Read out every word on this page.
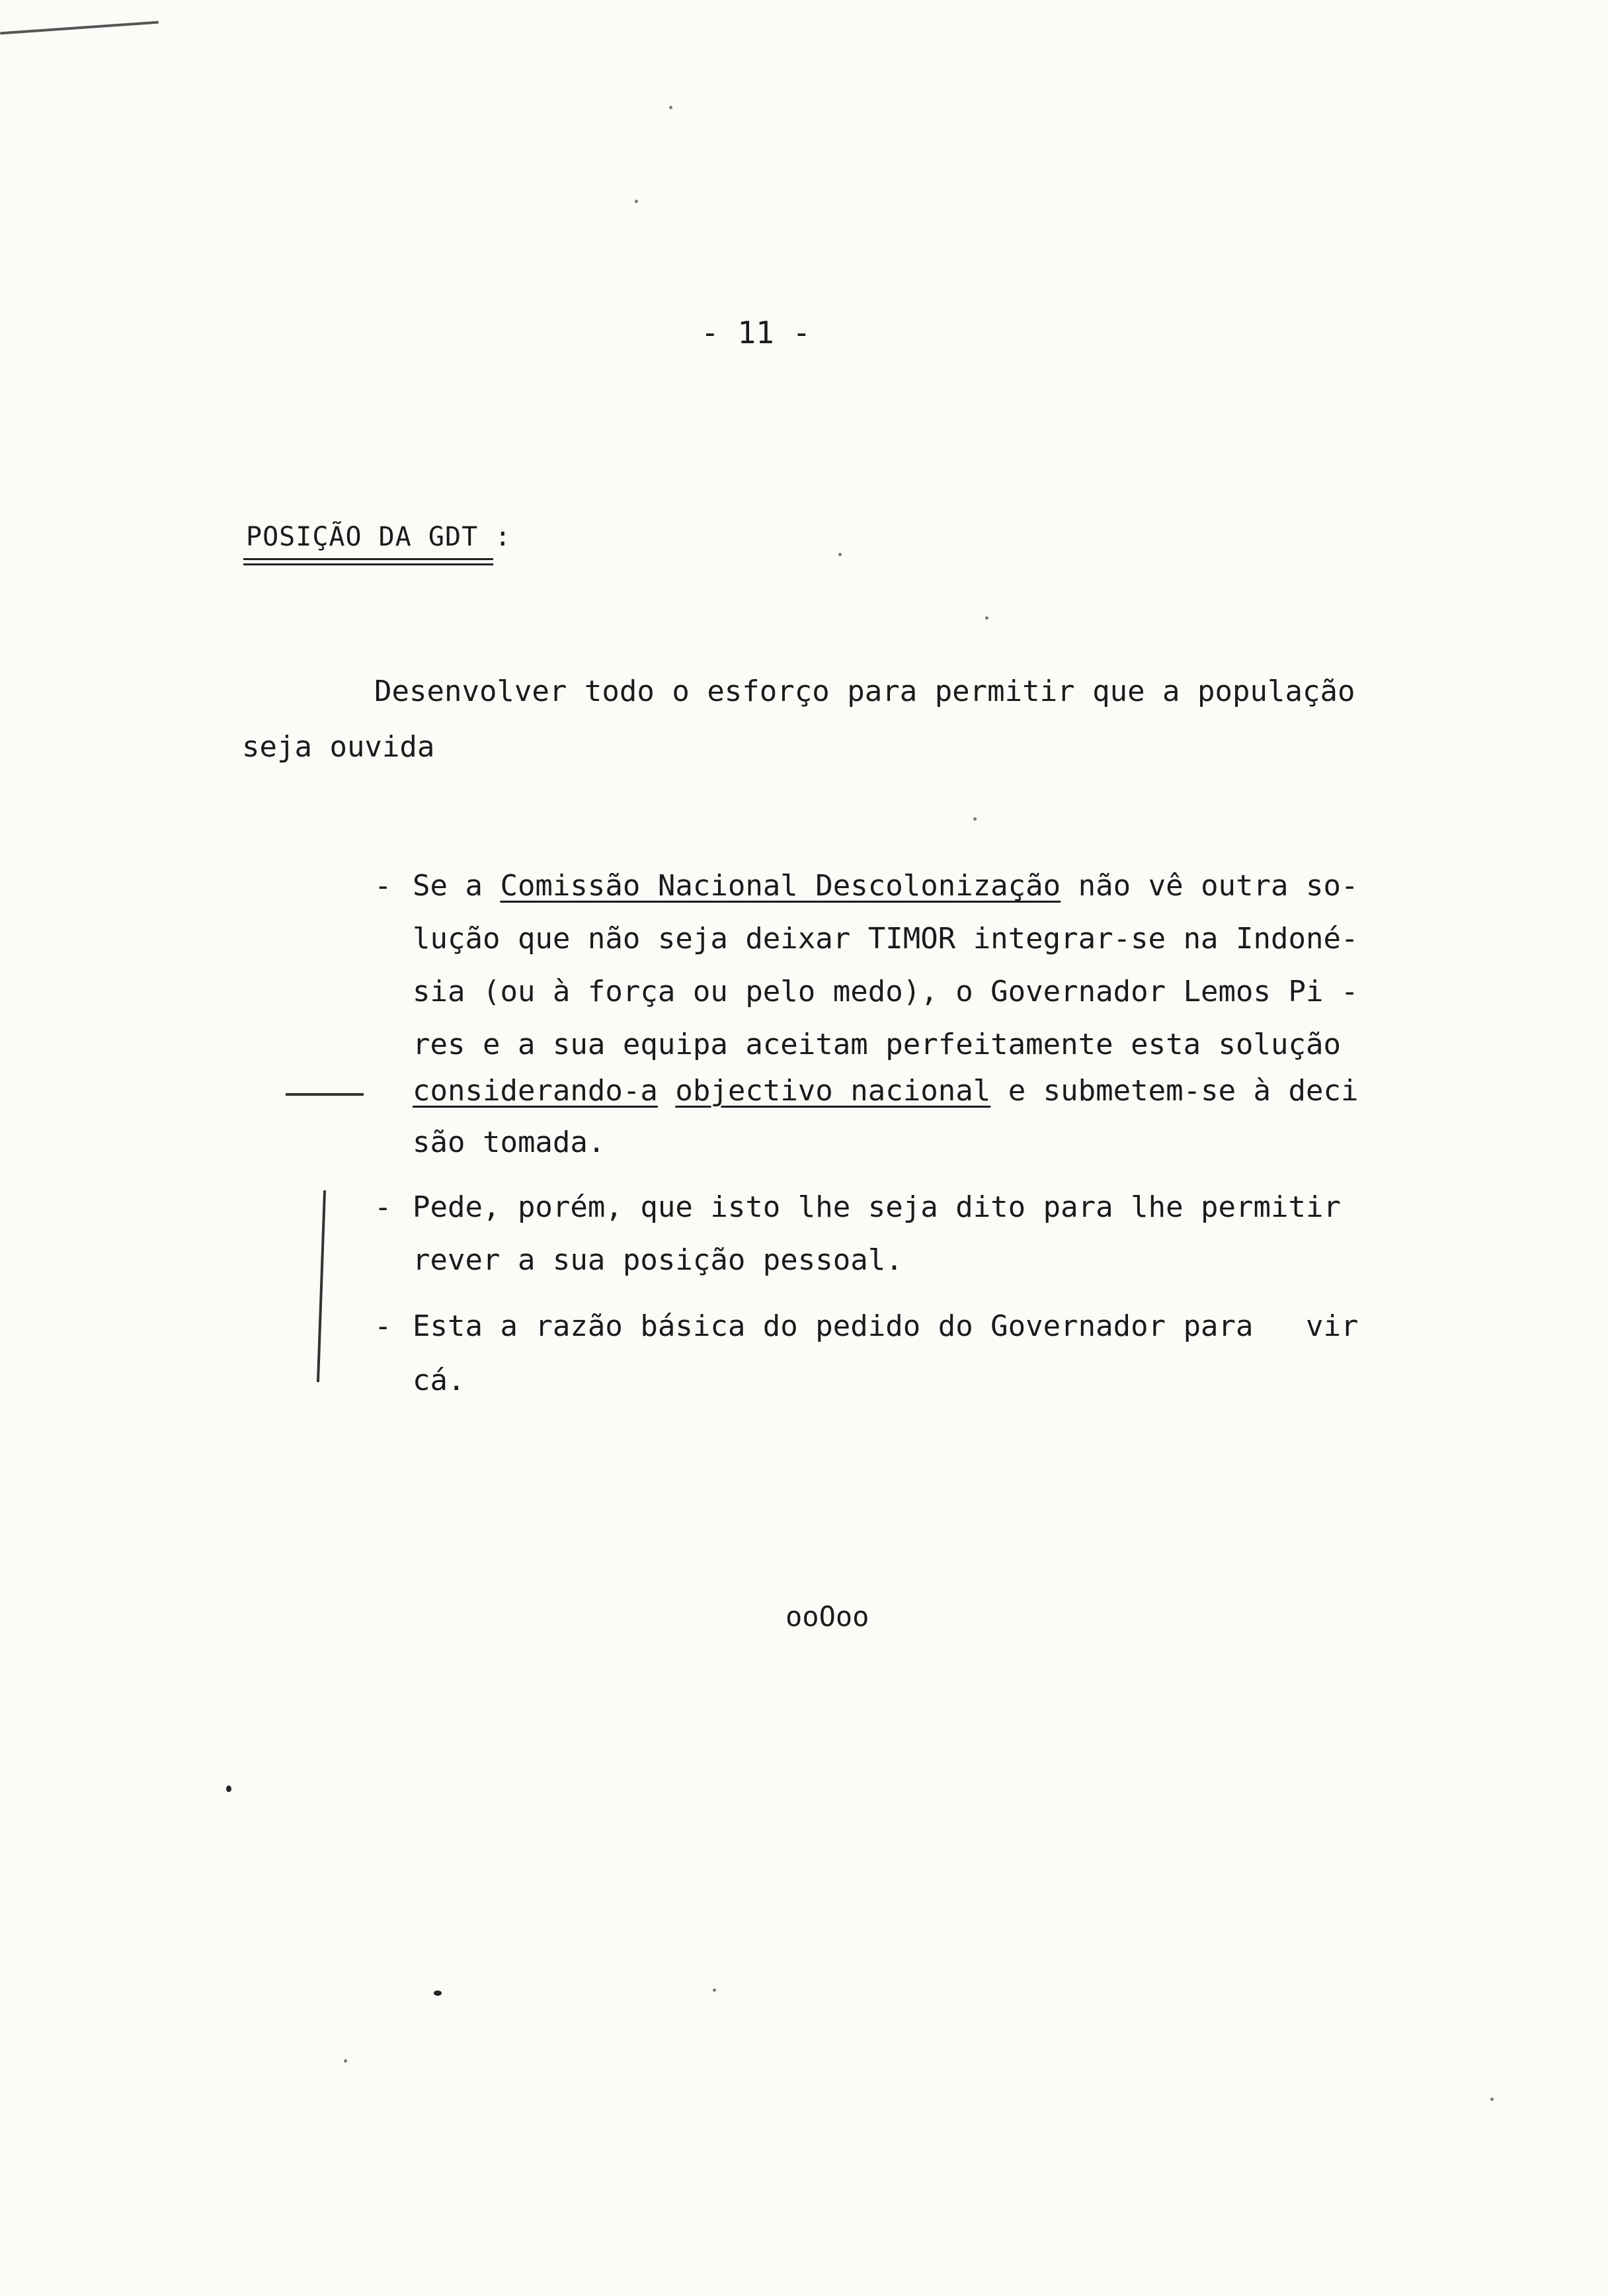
- 11 -
POSIÇÃO DA GDT :
Desenvolver todo o esforço para permitir que a população
seja ouvida
- Se a Comissão Nacional Descolonização não vê outra so-
lução que não seja deixar TIMOR integrar-se na Indoné-
sia (ou à força ou pelo medo), o Governador Lemos Pi -
res e a sua equipa aceitam perfeitamente esta solução
considerando-a objectivo nacional e submetem-se à deci
são tomada.
- Pede, porém, que isto lhe seja dito para lhe permitir
rever a sua posição pessoal.
- Esta a razão básica do pedido do Governador para   vir
cá.
ooOoo
